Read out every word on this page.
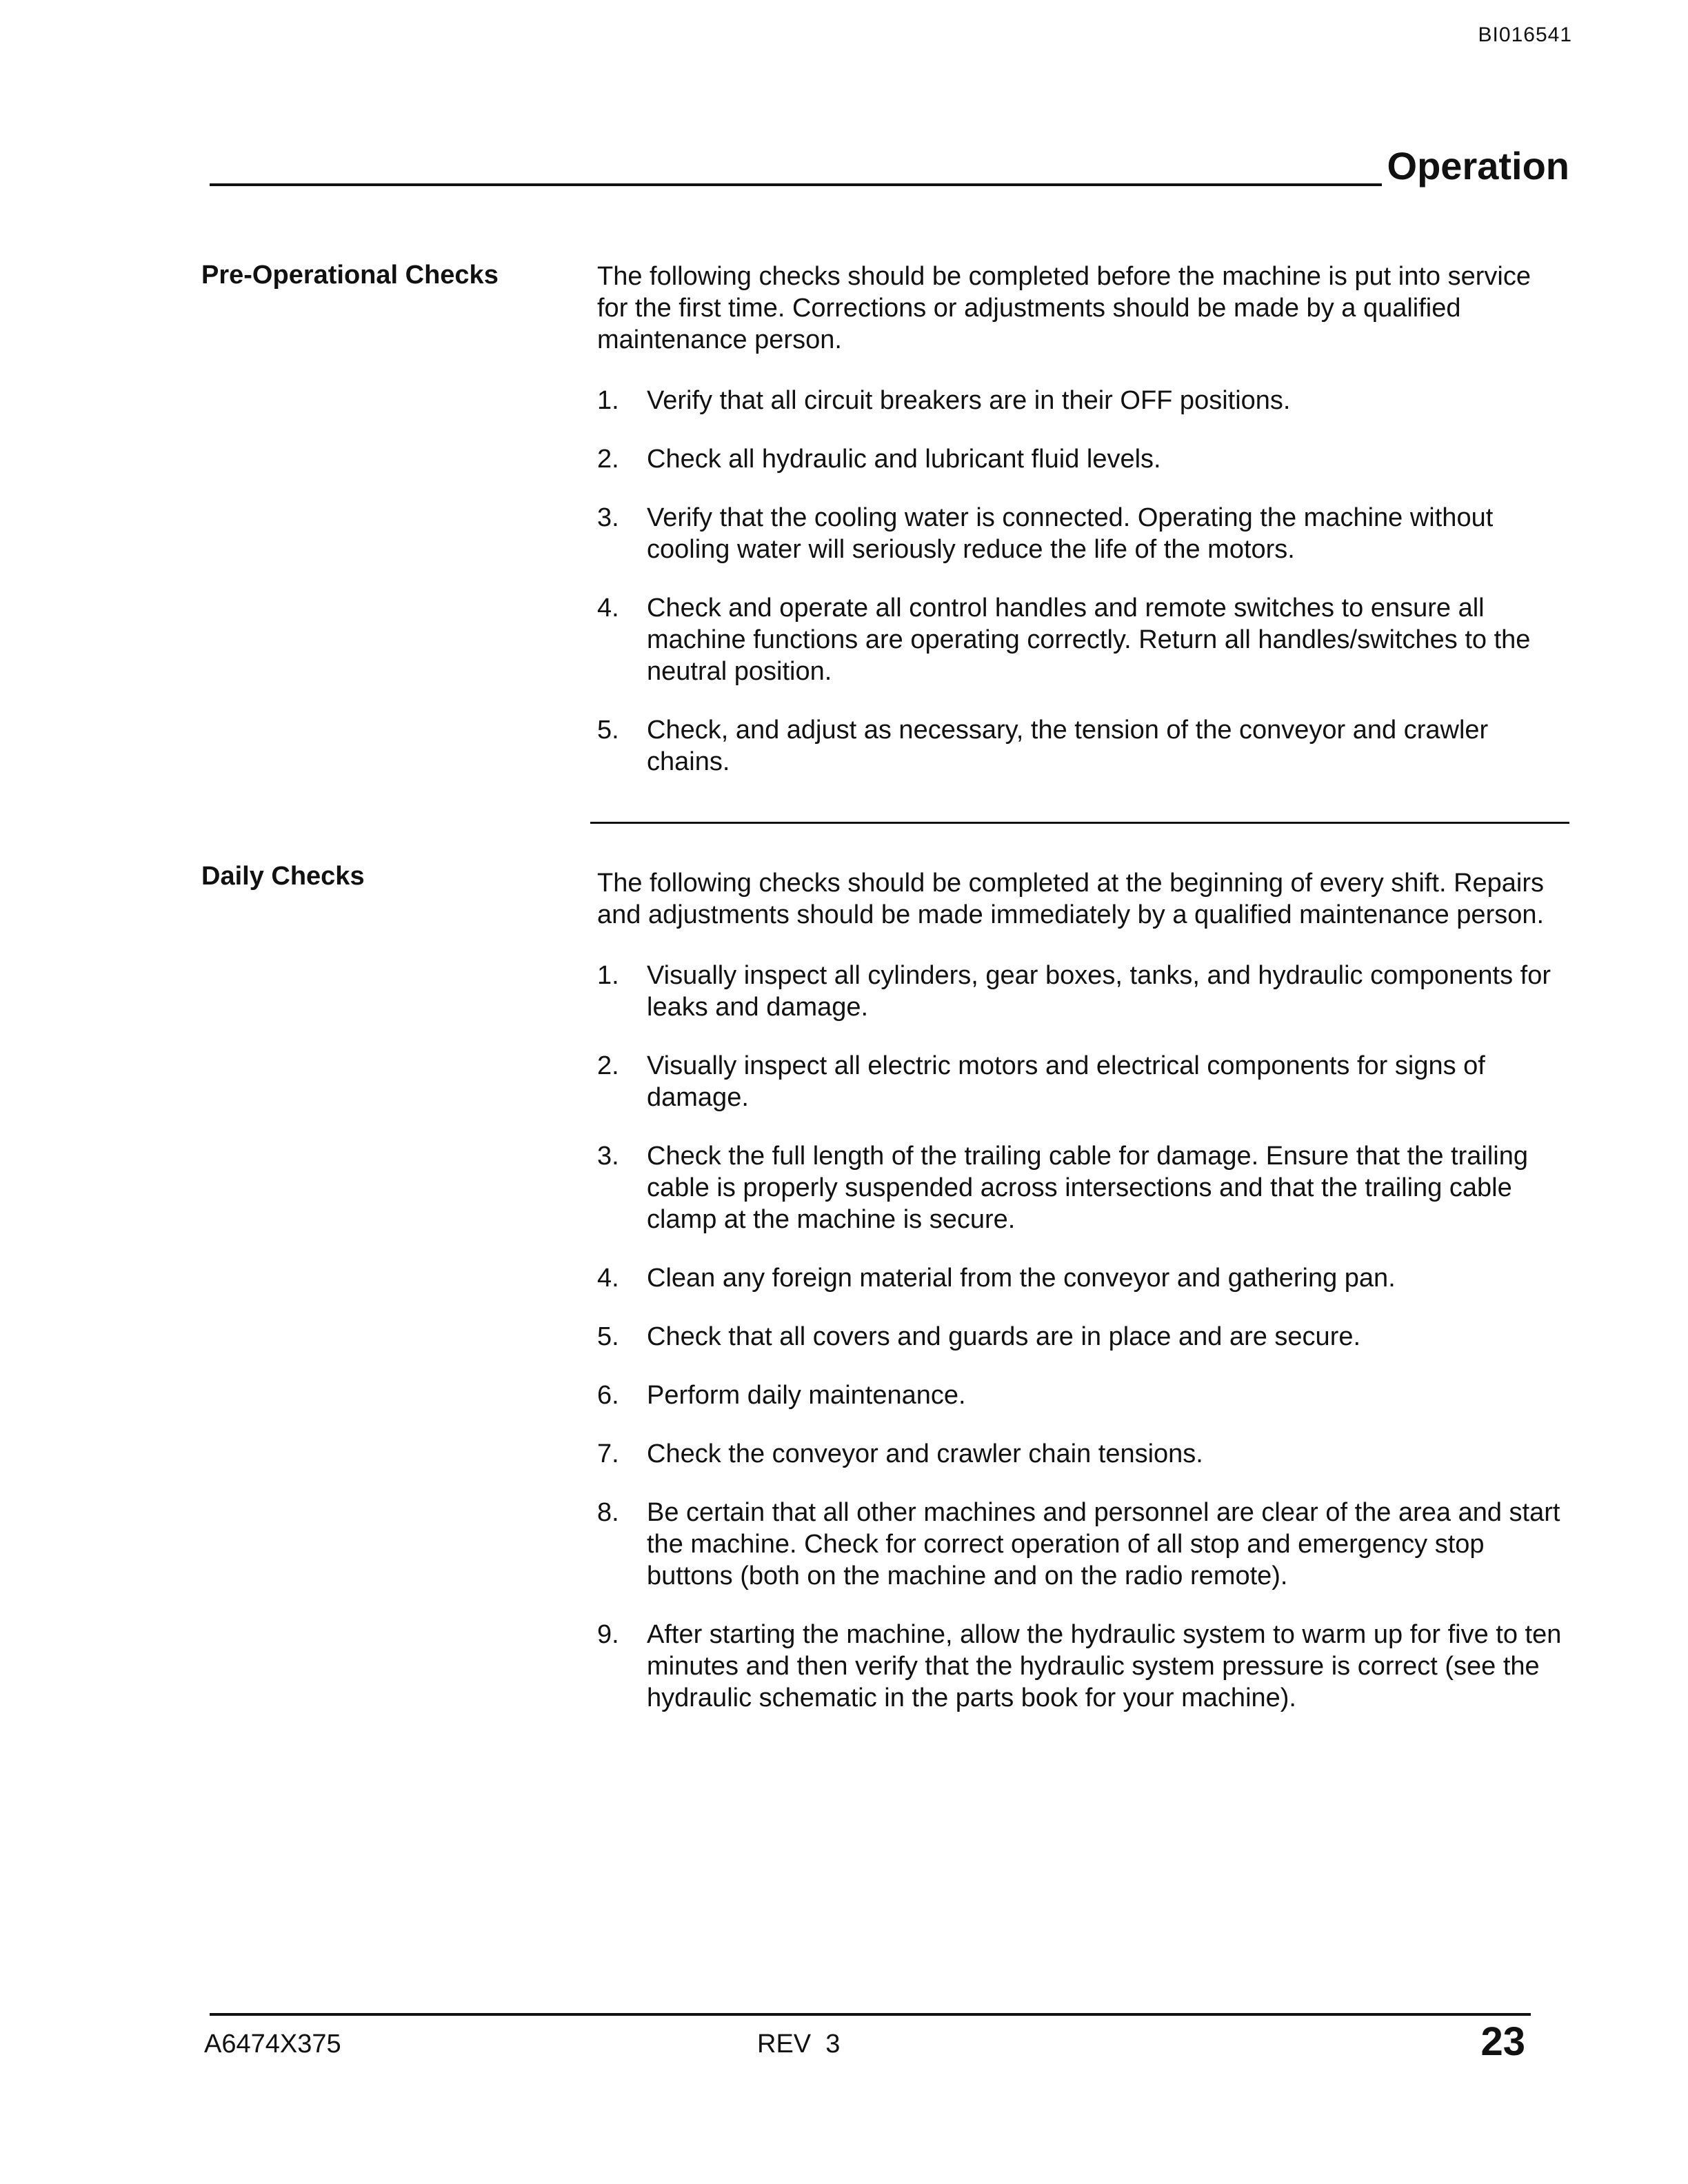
BI016541
Operation
Pre-Operational Checks	The following checks should be completed before the machine is put into service for the first time. Corrections or adjustments should be made by a qualified maintenance person.

1. Verify that all circuit breakers are in their OFF positions.
2. Check all hydraulic and lubricant fluid levels.
3. Verify that the cooling water is connected. Operating the machine without cooling water will seriously reduce the life of the motors.
4. Check and operate all control handles and remote switches to ensure all machine functions are operating correctly. Return all handles/switches to the neutral position.
5. Check, and adjust as necessary, the tension of the conveyor and crawler chains.
Daily Checks	The following checks should be completed at the beginning of every shift. Repairs and adjustments should be made immediately by a qualified maintenance person.

1. Visually inspect all cylinders, gear boxes, tanks, and hydraulic components for leaks and damage.
2. Visually inspect all electric motors and electrical components for signs of damage.
3. Check the full length of the trailing cable for damage. Ensure that the trailing cable is properly suspended across intersections and that the trailing cable clamp at the machine is secure.
4. Clean any foreign material from the conveyor and gathering pan.
5. Check that all covers and guards are in place and are secure.
6. Perform daily maintenance.
7. Check the conveyor and crawler chain tensions.
8. Be certain that all other machines and personnel are clear of the area and start the machine. Check for correct operation of all stop and emergency stop buttons (both on the machine and on the radio remote).
9. After starting the machine, allow the hydraulic system to warm up for five to ten minutes and then verify that the hydraulic system pressure is correct (see the hydraulic schematic in the parts book for your machine).
A6474X375	REV  3	23
